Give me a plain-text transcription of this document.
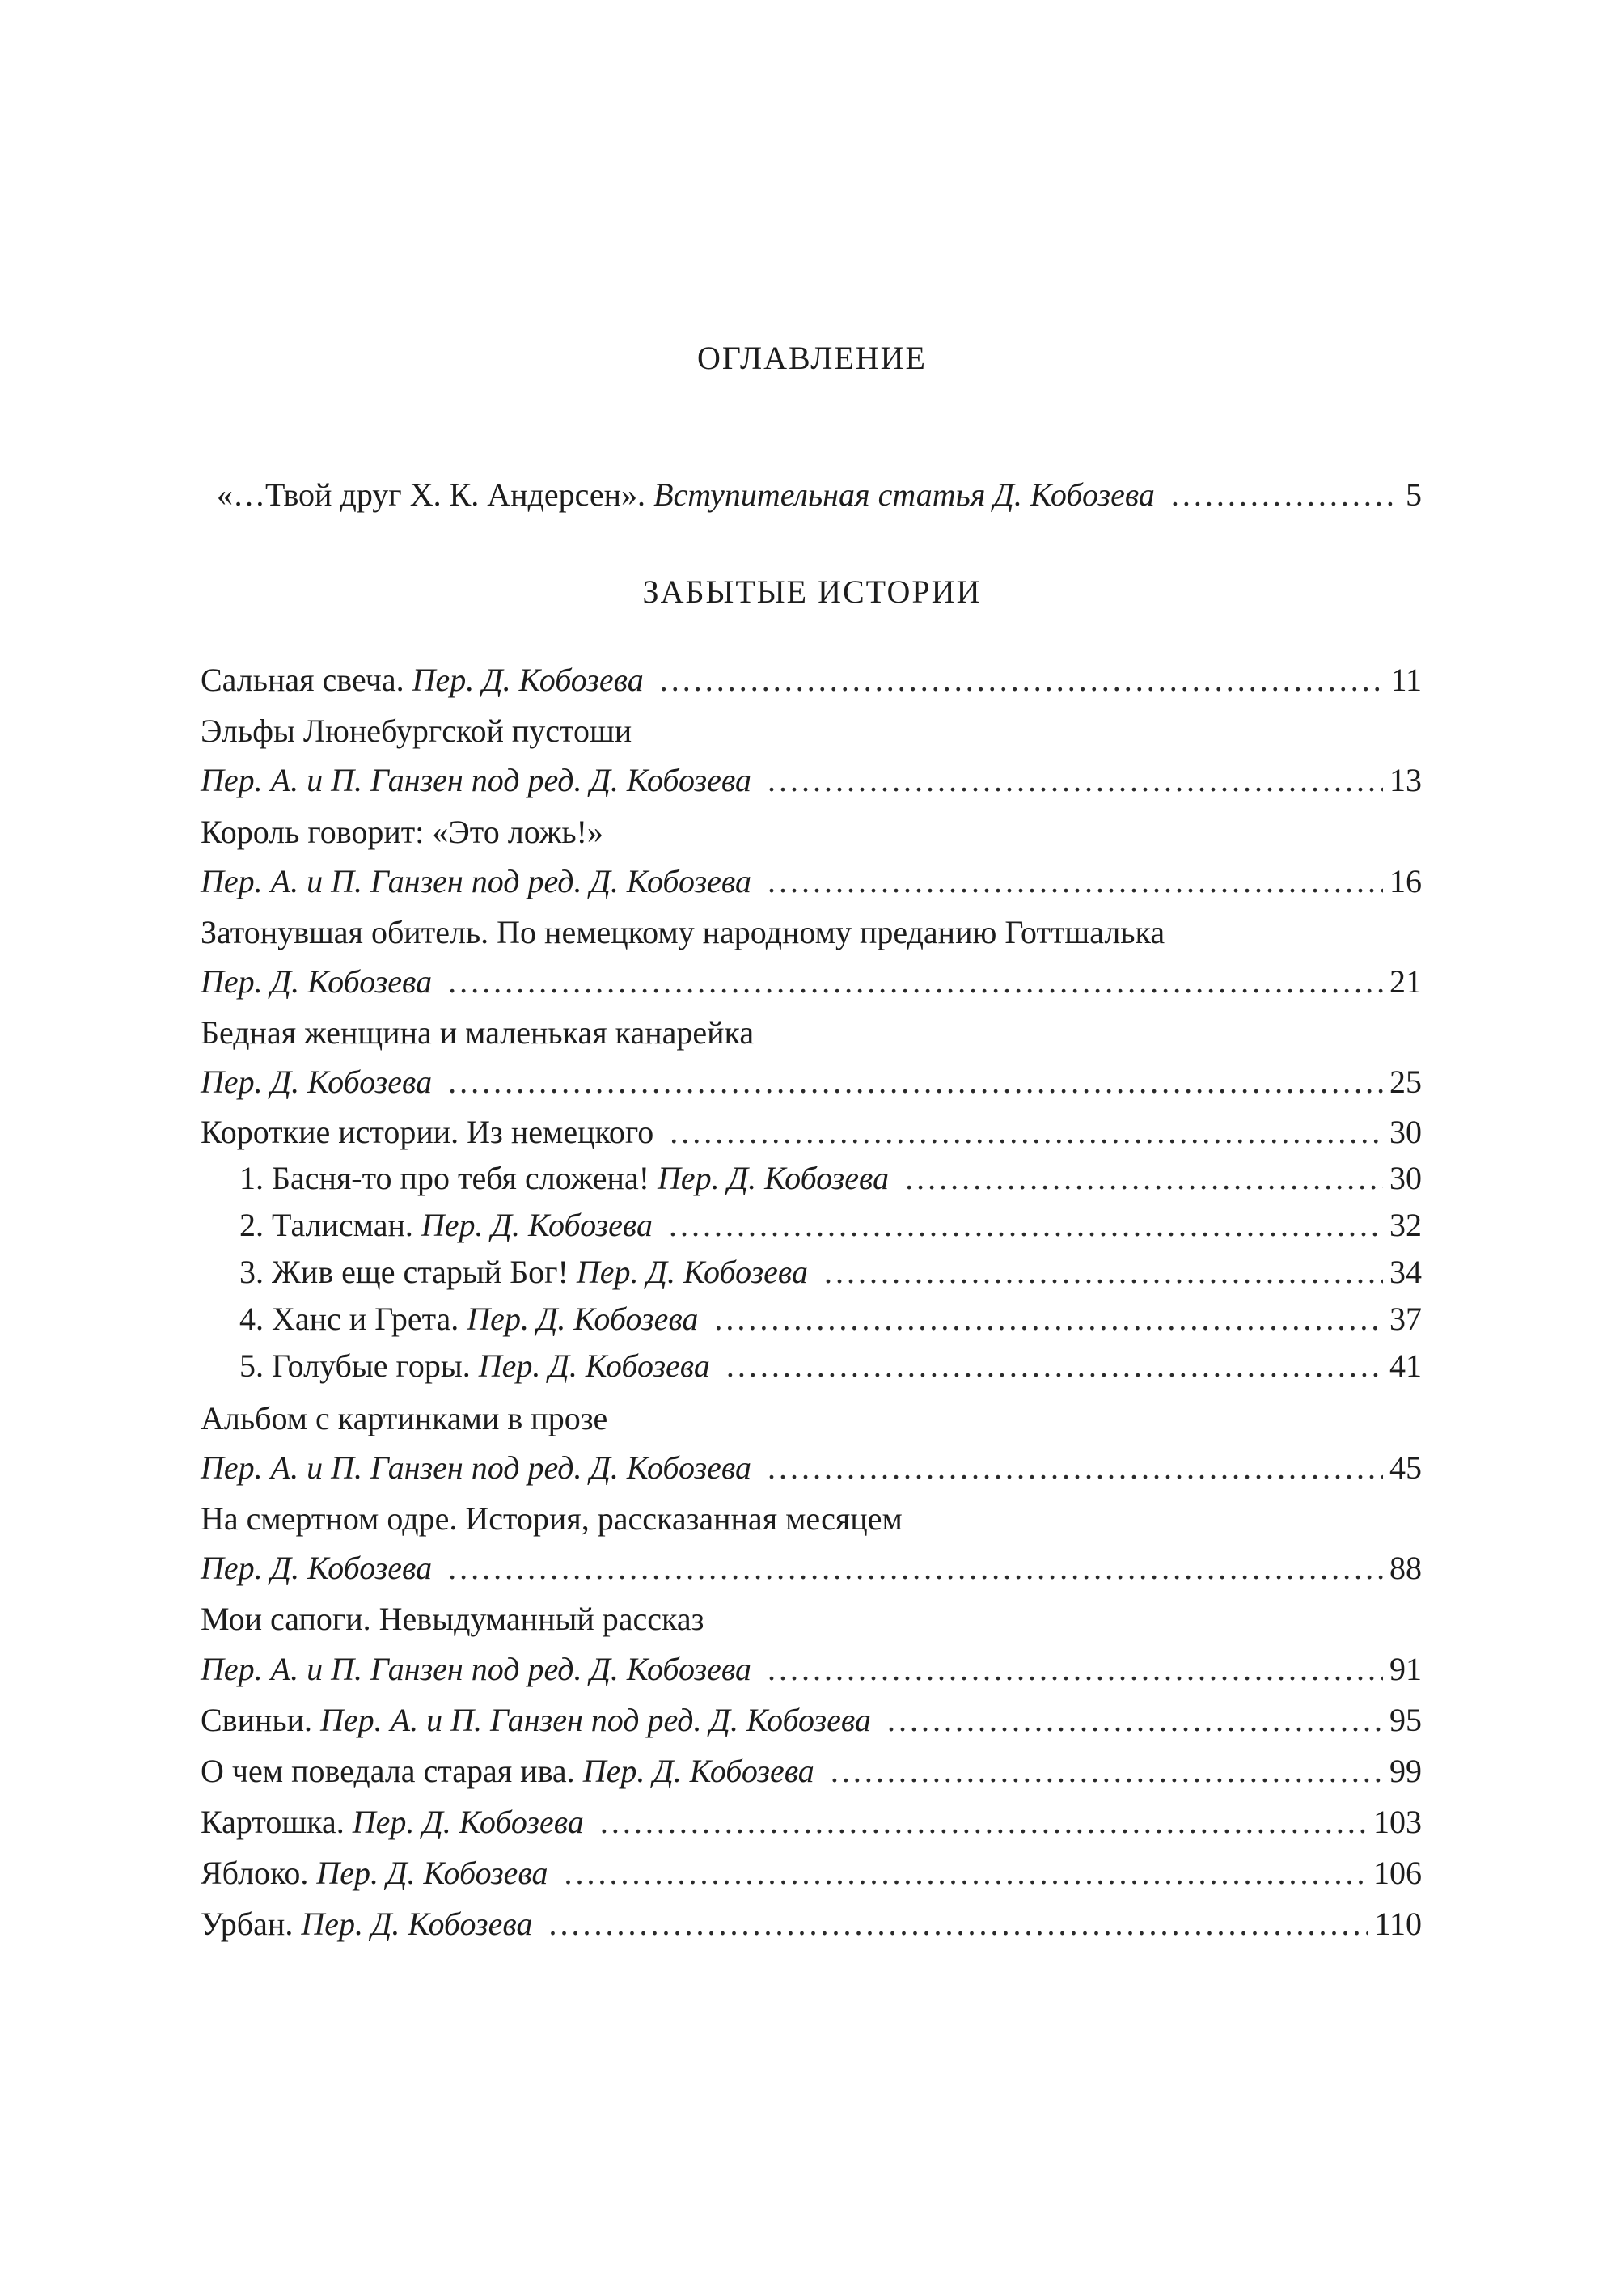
ОГЛАВЛЕНИЕ
«…Твой друг Х. К. Андерсен». Вступительная статья Д. Кобозева . . .	5
ЗАБЫТЫЕ ИСТОРИИ
Сальная свеча. Пер. Д. Кобозева . . .	11
Эльфы Люнебургской пустоши
Пер. А. и П. Ганзен под ред. Д. Кобозева . . .	13
Король говорит: «Это ложь!»
Пер. А. и П. Ганзен под ред. Д. Кобозева . . .	16
Затонувшая обитель. По немецкому народному преданию Готтшалька
Пер. Д. Кобозева . . .	21
Бедная женщина и маленькая канарейка
Пер. Д. Кобозева . . .	25
Короткие истории. Из немецкого . . .	30
1. Басня-то про тебя сложена! Пер. Д. Кобозева . . .	30
2. Талисман. Пер. Д. Кобозева . . .	32
3. Жив еще старый Бог! Пер. Д. Кобозева . . .	34
4. Ханс и Грета. Пер. Д. Кобозева . . .	37
5. Голубые горы. Пер. Д. Кобозева . . .	41
Альбом с картинками в прозе
Пер. А. и П. Ганзен под ред. Д. Кобозева . . .	45
На смертном одре. История, рассказанная месяцем
Пер. Д. Кобозева . . .	88
Мои сапоги. Невыдуманный рассказ
Пер. А. и П. Ганзен под ред. Д. Кобозева . . .	91
Свиньи. Пер. А. и П. Ганзен под ред. Д. Кобозева . . .	95
О чем поведала старая ива. Пер. Д. Кобозева . . .	99
Картошка. Пер. Д. Кобозева . . .	103
Яблоко. Пер. Д. Кобозева . . .	106
Урбан. Пер. Д. Кобозева . . .	110
